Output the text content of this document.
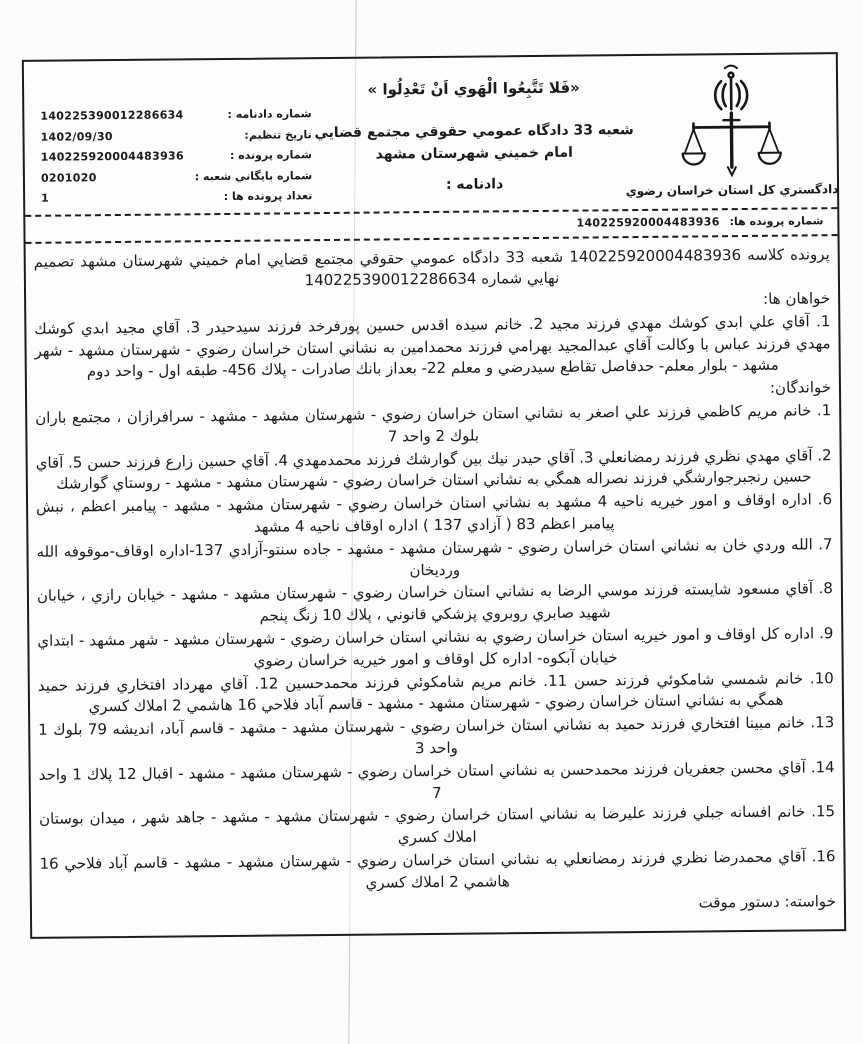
دادگستري كل استان خراسان رضوي
«فَلا تَتَّبِعُوا الْهَوي اَنْ تَعْدِلُوا »
شعبه 33 دادگاه عمومي حقوقي مجتمع قضايي امام خميني شهرستان مشهد
دادنامه :
شماره دادنامه :
140225390012286634
تاريخ تنظيم:
1402/09/30
شماره پرونده :
140225920004483936
شماره بايگاني شعبه :
0201020
تعداد پرونده ها :
1
شماره پرونده ها:
140225920004483936

پرونده كلاسه 140225920004483936 شعبه 33 دادگاه عمومي حقوقي مجتمع قضايي امام خميني شهرستان مشهد تصميم نهايي شماره 140225390012286634

خواهان ها:

1. آقاي علي ابدي كوشك مهدي فرزند مجيد 2. خانم سيده اقدس حسين پورفرخد فرزند سيدحيدر 3. آقاي مجيد ابدي كوشك مهدي فرزند عباس با وكالت آقاي عبدالمجيد بهرامي فرزند محمدامين به نشاني استان خراسان رضوي - شهرستان مشهد - شهر مشهد - بلوار معلم- حدفاصل تقاطع سيدرضي و معلم 22- بعداز بانك صادرات - پلاك 456- طبقه اول - واحد دوم

خواندگان:

1. خانم مريم كاظمي فرزند علي اصغر به نشاني استان خراسان رضوي - شهرستان مشهد - مشهد - سرافرازان ، مجتمع باران بلوك 2 واحد 7

2. آقاي مهدي نظري فرزند رمضانعلي 3. آقاي حيدر نيك بين گوارشك فرزند محمدمهدي 4. آقاي حسين زارع فرزند حسن 5. آقاي حسين رنجبرجوارشگي فرزند نصراله همگي به نشاني استان خراسان رضوي - شهرستان مشهد - مشهد - روستاي گوارشك

6. اداره اوقاف و امور خيريه ناحيه 4 مشهد به نشاني استان خراسان رضوي - شهرستان مشهد - مشهد - پيامبر اعظم ، نبش پيامبر اعظم 83 ( آزادي 137 ) اداره اوقاف ناحيه 4 مشهد

7. الله وردي خان به نشاني استان خراسان رضوي - شهرستان مشهد - مشهد - جاده سنتو-آزادي 137-اداره اوقاف-موقوفه الله ورديخان

8. آقاي مسعود شايسته فرزند موسي الرضا به نشاني استان خراسان رضوي - شهرستان مشهد - مشهد - خيابان رازي ، خيابان شهيد صابري روبروي پزشكي قانوني ، پلاك 10 زنگ پنجم

9. اداره كل اوقاف و امور خيريه استان خراسان رضوي به نشاني استان خراسان رضوي - شهرستان مشهد - شهر مشهد - ابتداي خيابان آبكوه- اداره كل اوقاف و امور خيريه خراسان رضوي

10. خانم شمسي شامكوئي فرزند حسن 11. خانم مريم شامكوئي فرزند محمدحسين 12. آقاي مهرداد افتخاري فرزند حميد همگي به نشاني استان خراسان رضوي - شهرستان مشهد - مشهد - قاسم آباد فلاحي 16 هاشمي 2 املاك كسري

13. خانم مبينا افتخاري فرزند حميد به نشاني استان خراسان رضوي - شهرستان مشهد - مشهد - قاسم آباد، انديشه 79 بلوك 1 واحد 3

14. آقاي محسن جعفريان فرزند محمدحسن به نشاني استان خراسان رضوي - شهرستان مشهد - مشهد - اقبال 12 پلاك 1 واحد 7

15. خانم افسانه جبلي فرزند عليرضا به نشاني استان خراسان رضوي - شهرستان مشهد - مشهد - جاهد شهر ، ميدان بوستان املاك كسري

16. آقاي محمدرضا نظري فرزند رمضانعلي به نشاني استان خراسان رضوي - شهرستان مشهد - مشهد - قاسم آباد فلاحي 16 هاشمي 2 املاك كسري

خواسته: دستور موقت
